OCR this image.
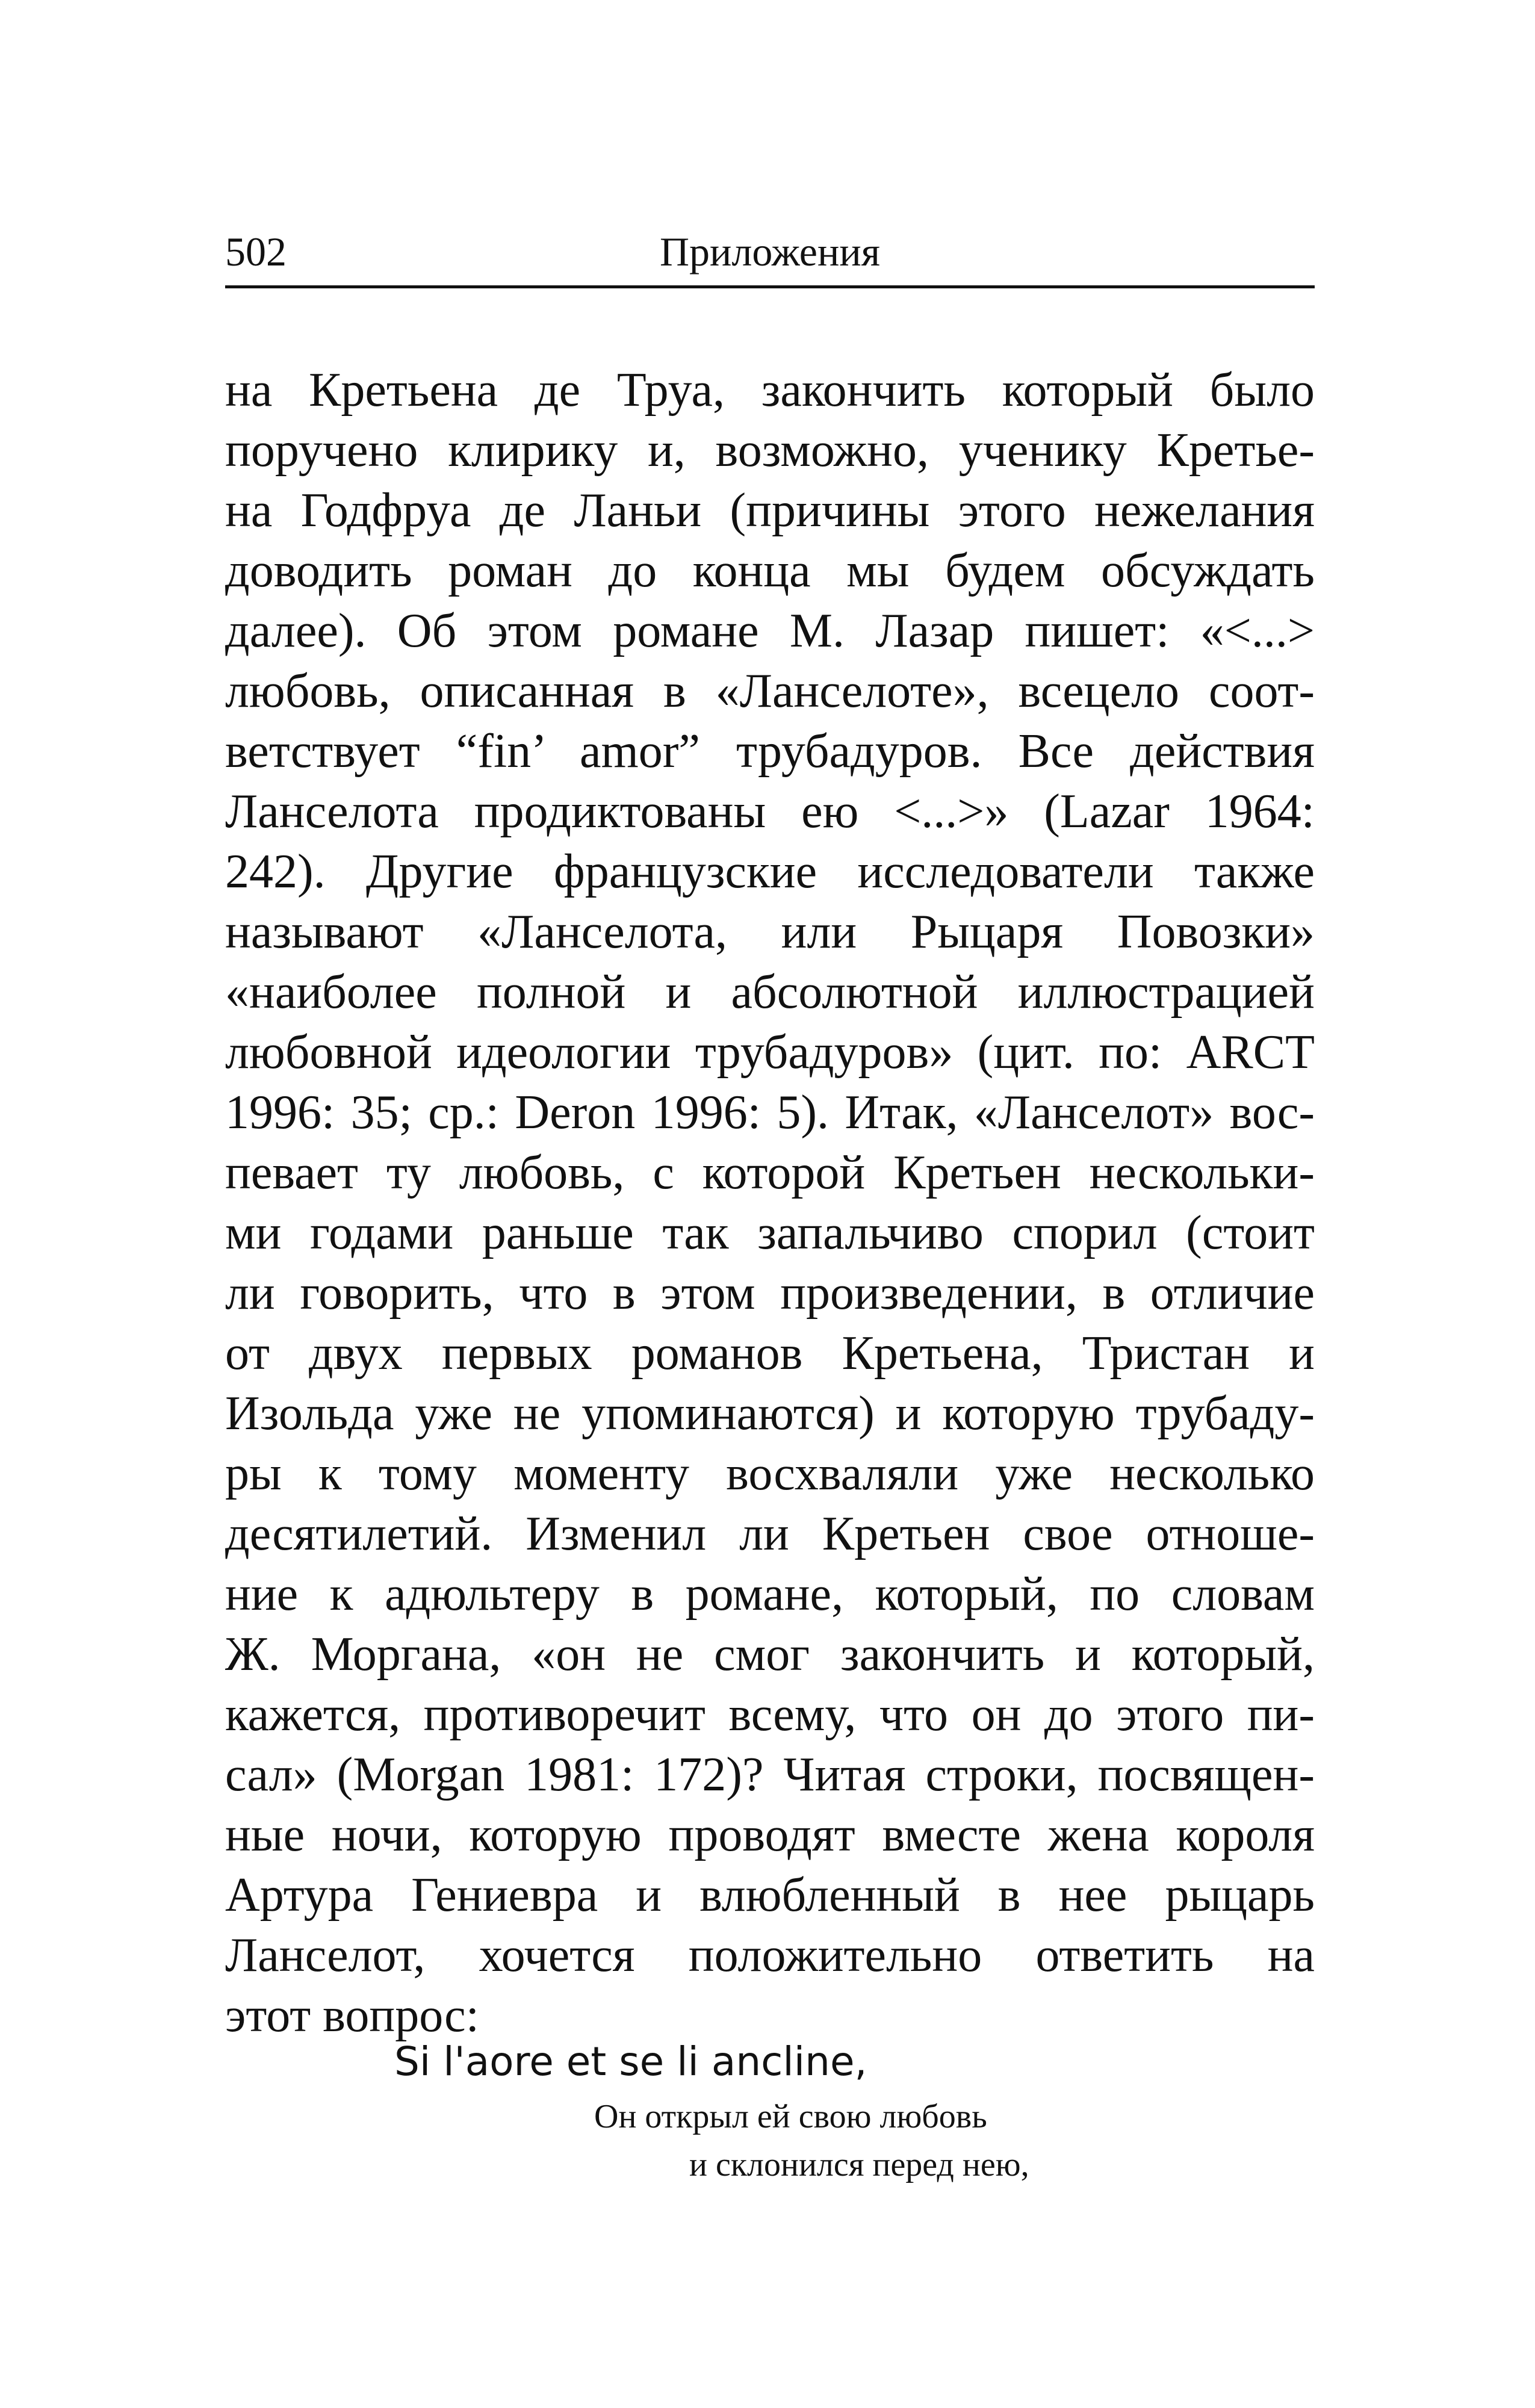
502	Приложения
на Кретьена де Труа, закончить который было
поручено клирику и, возможно, ученику Кретье-
на Годфруа де Ланьи (причины этого нежелания
доводить роман до конца мы будем обсуждать
далее). Об этом романе М. Лазар пишет: «<...>
любовь, описанная в «Ланселоте», всецело соот-
ветствует “fin’ amor” трубадуров. Все действия
Ланселота продиктованы ею <...>» (Lazar 1964:
242). Другие французские исследователи также
называют «Ланселота, или Рыцаря Повозки»
«наиболее полной и абсолютной иллюстрацией
любовной идеологии трубадуров» (цит. по: ARCT
1996: 35; ср.: Deron 1996: 5). Итак, «Ланселот» вос-
певает ту любовь, с которой Кретьен нескольки-
ми годами раньше так запальчиво спорил (стоит
ли говорить, что в этом произведении, в отличие
от двух первых романов Кретьена, Тристан и
Изольда уже не упоминаются) и которую трубаду-
ры к тому моменту восхваляли уже несколько
десятилетий. Изменил ли Кретьен свое отноше-
ние к адюльтеру в романе, который, по словам
Ж. Моргана, «он не смог закончить и который,
кажется, противоречит всему, что он до этого пи-
сал» (Morgan 1981: 172)? Читая строки, посвящен-
ные ночи, которую проводят вместе жена короля
Артура Гениевра и влюбленный в нее рыцарь
Ланселот, хочется положительно ответить на
этот вопрос:
Si l'aore et se li ancline,
Он открыл ей свою любовь
и склонился перед нею,
